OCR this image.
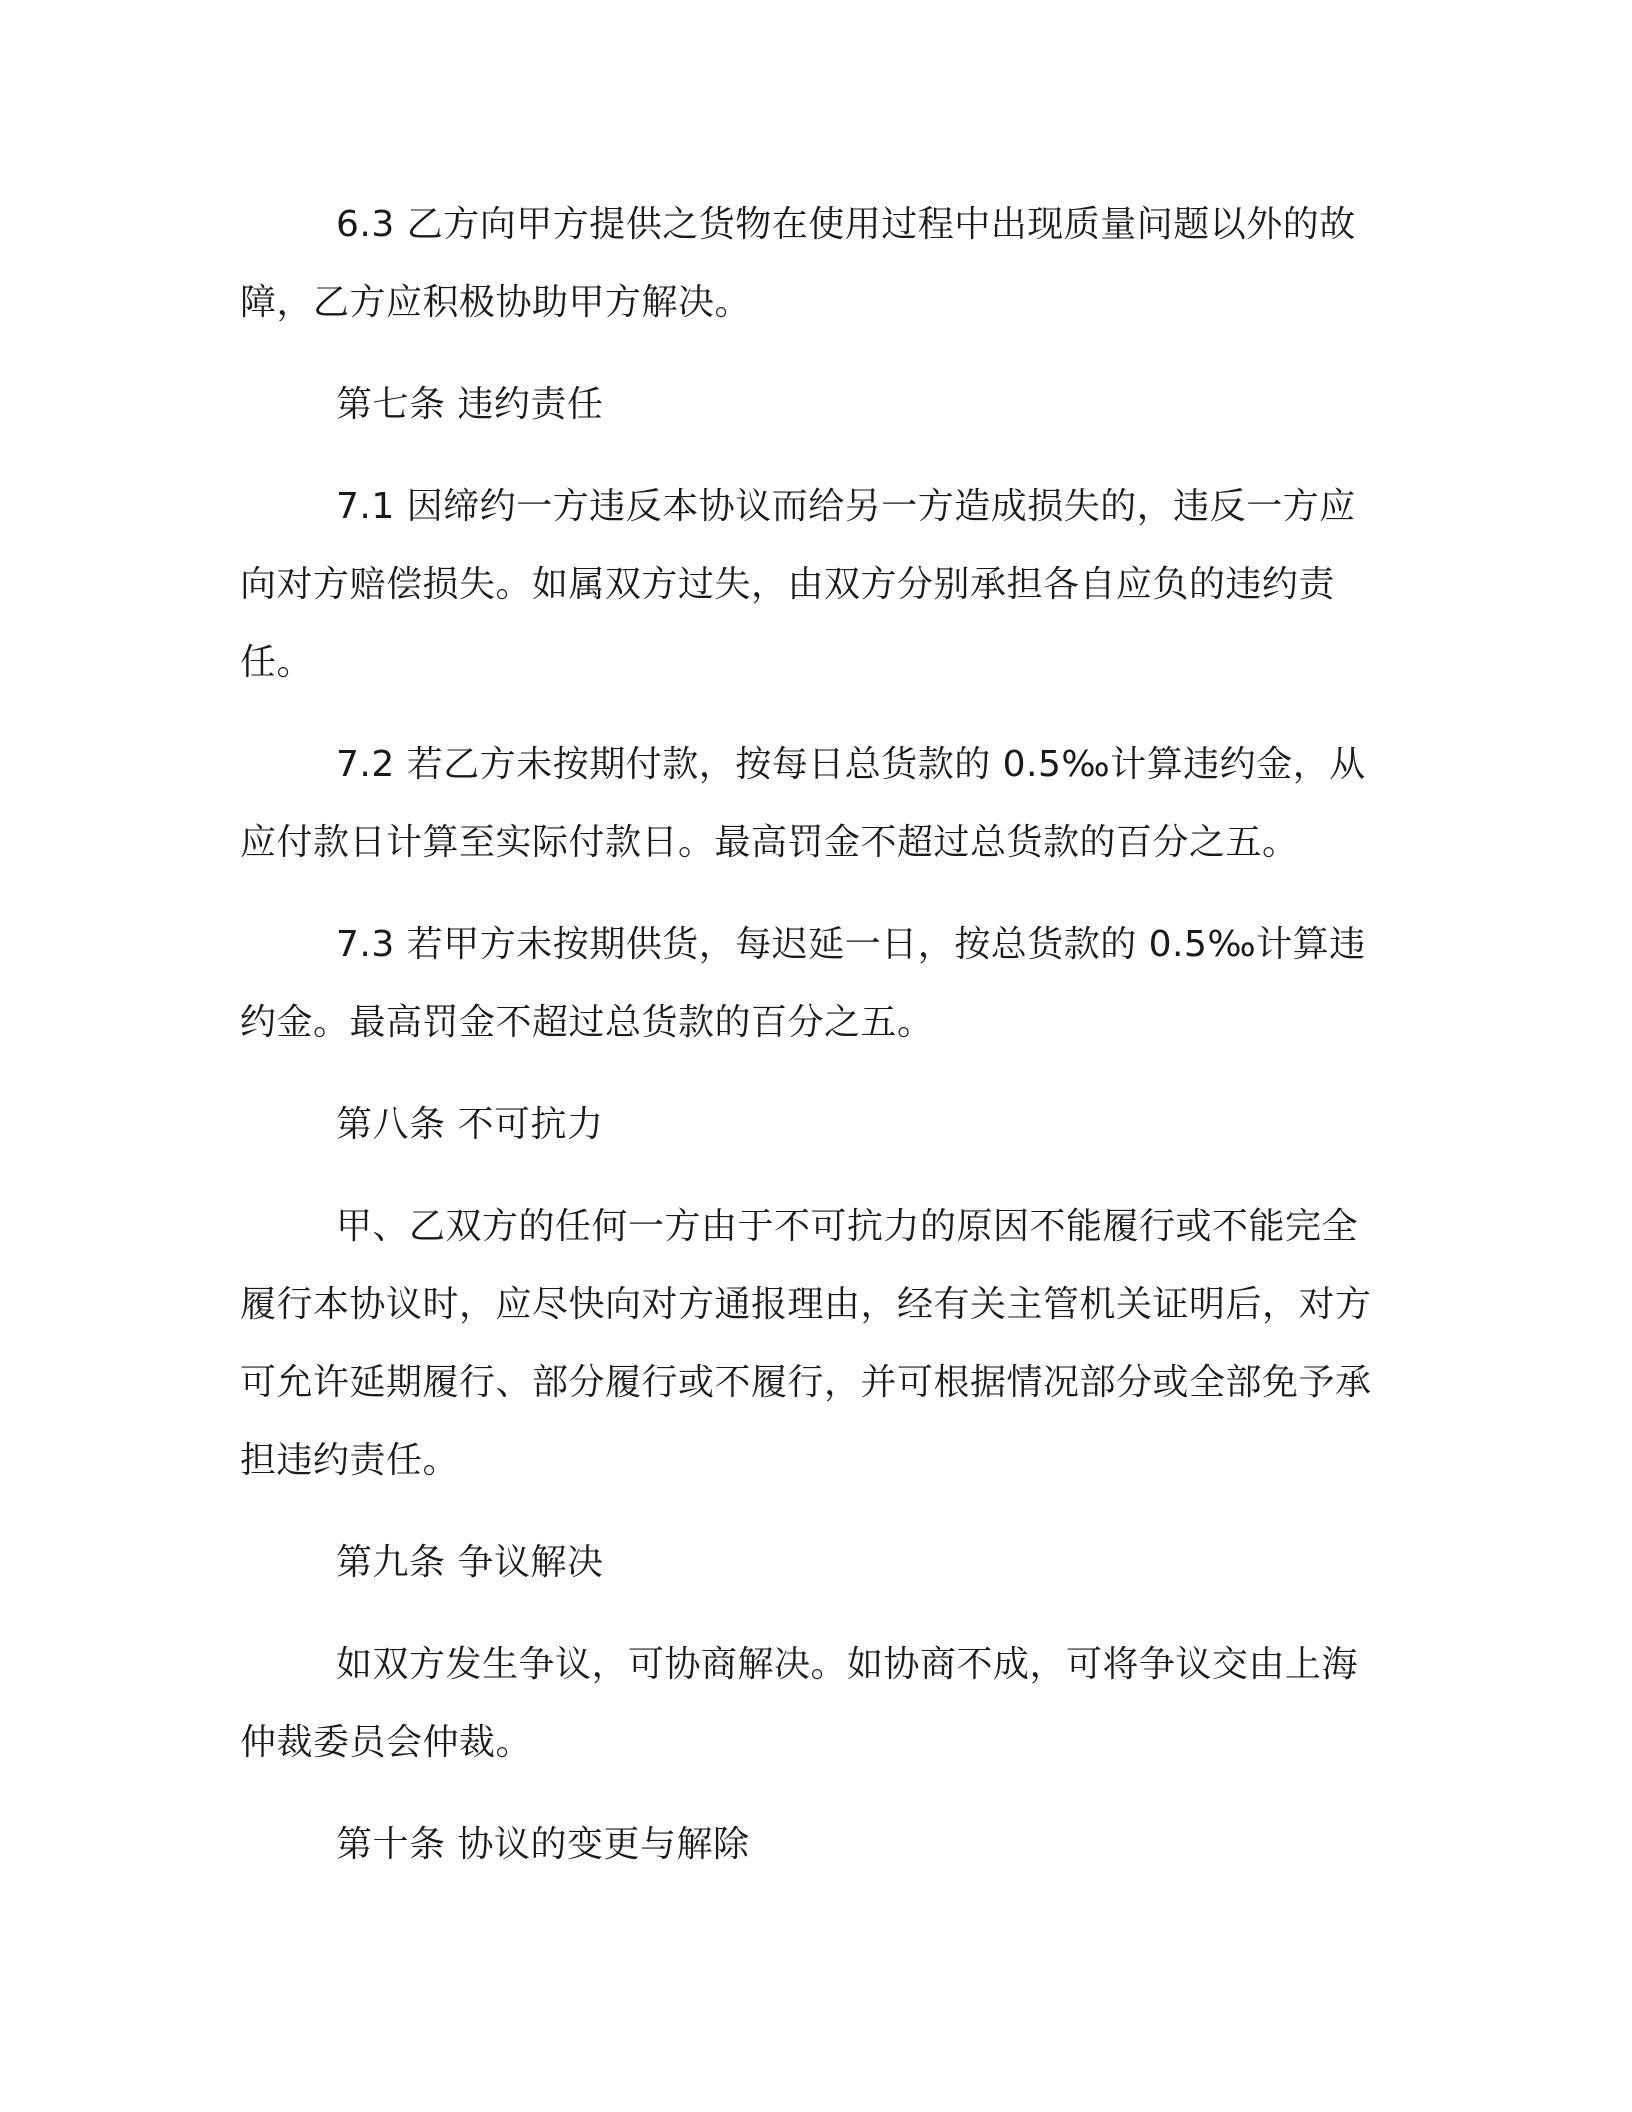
6.3 乙方向甲方提供之货物在使用过程中出现质量问题以外的故障，乙方应积极协助甲方解决。

第七条 违约责任

7.1 因缔约一方违反本协议而给另一方造成损失的，违反一方应向对方赔偿损失。如属双方过失，由双方分别承担各自应负的违约责任。

7.2 若乙方未按期付款，按每日总货款的 0.5‰计算违约金，从应付款日计算至实际付款日。最高罚金不超过总货款的百分之五。

7.3 若甲方未按期供货，每迟延一日，按总货款的 0.5‰计算违约金。最高罚金不超过总货款的百分之五。

第八条 不可抗力

甲、乙双方的任何一方由于不可抗力的原因不能履行或不能完全履行本协议时，应尽快向对方通报理由，经有关主管机关证明后，对方可允许延期履行、部分履行或不履行，并可根据情况部分或全部免予承担违约责任。

第九条 争议解决

如双方发生争议，可协商解决。如协商不成，可将争议交由上海仲裁委员会仲裁。

第十条 协议的变更与解除
